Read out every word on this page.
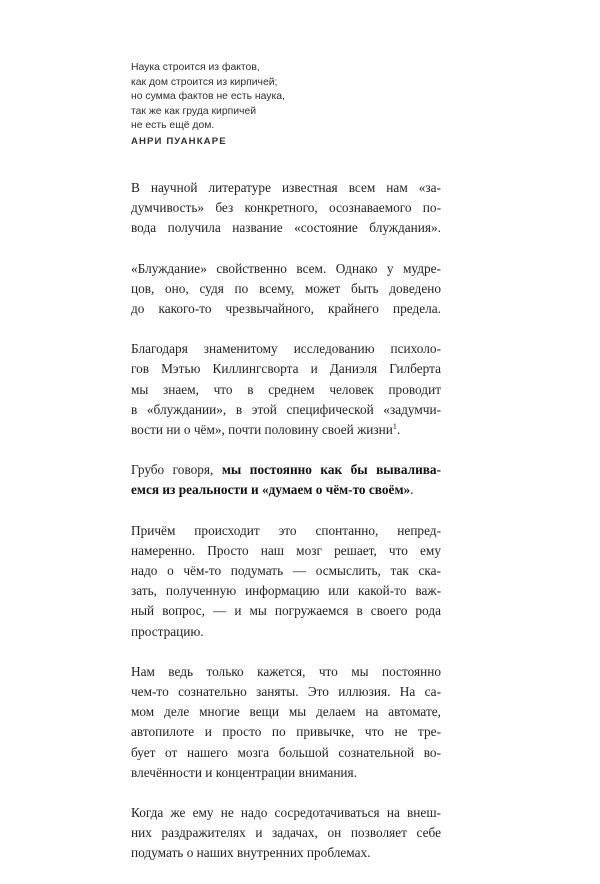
Наука строится из фактов,
как дом строится из кирпичей;
но сумма фактов не есть наука,
так же как груда кирпичей
не есть ещё дом.
АНРИ ПУАНКАРЕ
В научной литературе известная всем нам «за-
думчивость» без конкретного, осознаваемого по-
вода получила название «состояние блуждания».
«Блуждание» свойственно всем. Однако у мудре-
цов, оно, судя по всему, может быть доведено
до какого-то чрезвычайного, крайнего предела.
Благодаря знаменитому исследованию психоло-
гов Мэтью Киллингсворта и Даниэля Гилберта
мы знаем, что в среднем человек проводит
в «блуждании», в этой специфической «задумчи-
вости ни о чём», почти половину своей жизни$^1$.
Грубо говоря, мы постоянно как бы вывалива-
емся из реальности и «думаем о чём-то своём».
Причём происходит это спонтанно, непред-
намеренно. Просто наш мозг решает, что ему
надо о чём-то подумать — осмыслить, так ска-
зать, полученную информацию или какой-то важ-
ный вопрос, — и мы погружаемся в своего рода
прострацию.
Нам ведь только кажется, что мы постоянно
чем-то сознательно заняты. Это иллюзия. На са-
мом деле многие вещи мы делаем на автомате,
автопилоте и просто по привычке, что не тре-
бует от нашего мозга большой сознательной во-
влечённости и концентрации внимания.
Когда же ему не надо сосредотачиваться на внеш-
них раздражителях и задачах, он позволяет себе
подумать о наших внутренних проблемах.
